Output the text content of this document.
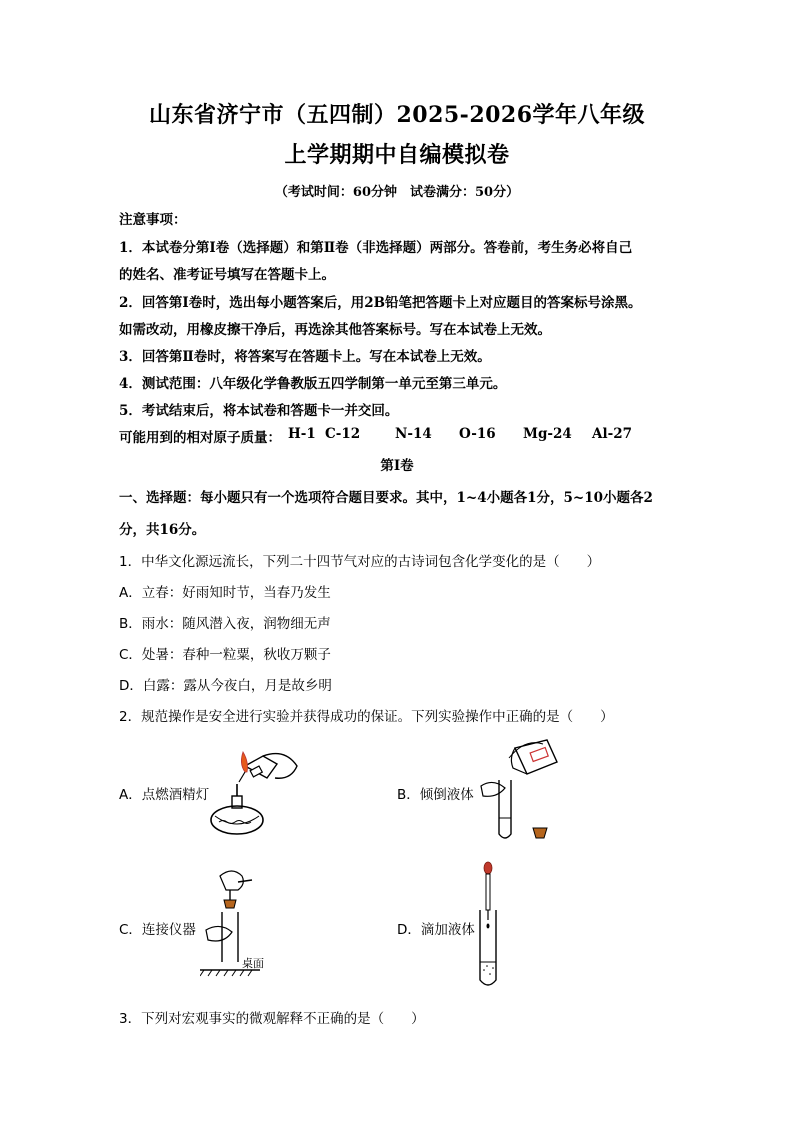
山东省济宁市（五四制）2025-2026学年八年级
上学期期中自编模拟卷
（考试时间：60分钟　试卷满分：50分）
注意事项：
1．本试卷分第Ⅰ卷（选择题）和第Ⅱ卷（非选择题）两部分。答卷前，考生务必将自己
的姓名、准考证号填写在答题卡上。
2．回答第Ⅰ卷时，选出每小题答案后，用2B铅笔把答题卡上对应题目的答案标号涂黑。
如需改动，用橡皮擦干净后，再选涂其他答案标号。写在本试卷上无效。
3．回答第Ⅱ卷时，将答案写在答题卡上。写在本试卷上无效。
4．测试范围：八年级化学鲁教版五四学制第一单元至第三单元。
5．考试结束后，将本试卷和答题卡一并交回。
可能用到的相对原子质量： H-1 C-12	N-14 O-16 Mg-24 Al-27
第Ⅰ卷
一、选择题：每小题只有一个选项符合题目要求。其中，1~4小题各1分，5~10小题各2
分，共16分。
1．中华文化源远流长，下列二十四节气对应的古诗词包含化学变化的是（　　）
A．立春：好雨知时节，当春乃发生
B．雨水：随风潜入夜，润物细无声
C．处暑：春种一粒粟，秋收万颗子
D．白露：露从今夜白，月是故乡明
2．规范操作是安全进行实验并获得成功的保证。下列实验操作中正确的是（　　）
A．点燃酒精灯	B．倾倒液体
C．连接仪器	D．滴加液体
桌面
3．下列对宏观事实的微观解释不正确的是（　　）
